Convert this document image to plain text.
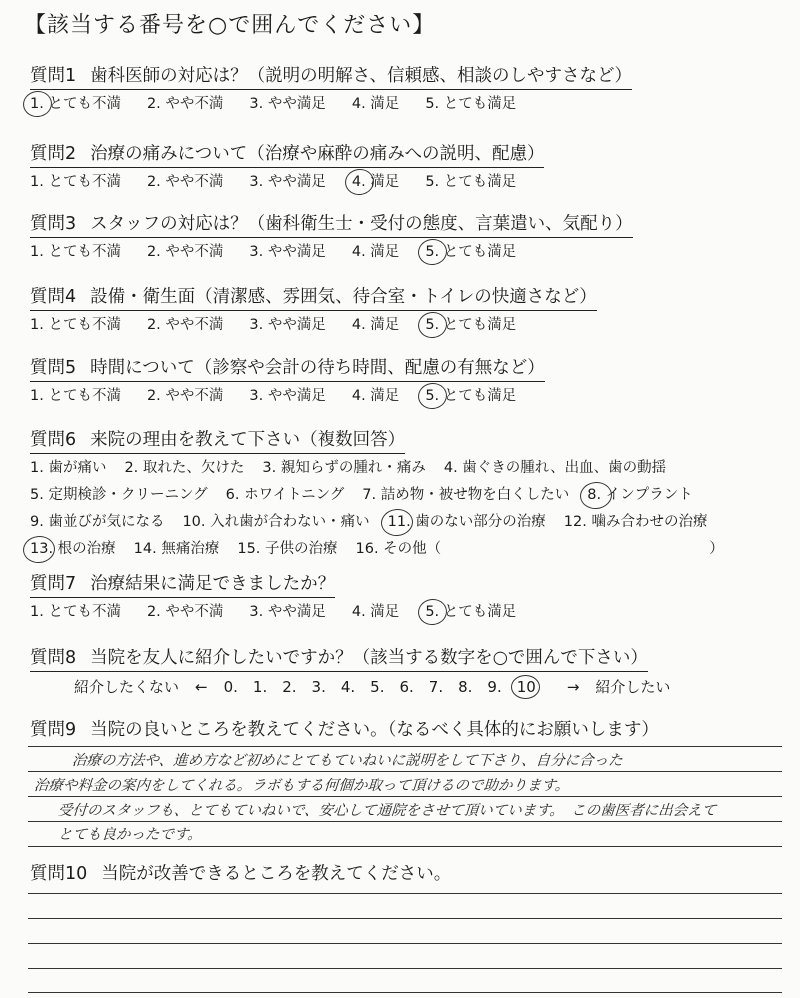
【該当する番号を○で囲んでください】
質問1 歯科医師の対応は？（説明の明解さ、信頼感、相談のしやすさなど）
1. とても不満 2. やや不満 3. やや満足 4. 満足 5. とても満足
質問2 治療の痛みについて（治療や麻酔の痛みへの説明、配慮）
1. とても不満 2. やや不満 3. やや満足 4. 満足 5. とても満足
質問3 スタッフの対応は？（歯科衛生士・受付の態度、言葉遣い、気配り）
1. とても不満 2. やや不満 3. やや満足 4. 満足 5. とても満足
質問4 設備・衛生面（清潔感、雰囲気、待合室・トイレの快適さなど）
1. とても不満 2. やや不満 3. やや満足 4. 満足 5. とても満足
質問5 時間について（診察や会計の待ち時間、配慮の有無など）
1. とても不満 2. やや不満 3. やや満足 4. 満足 5. とても満足
質問6 来院の理由を教えて下さい（複数回答）
1. 歯が痛い 2. 取れた、欠けた 3. 親知らずの腫れ・痛み 4. 歯ぐきの腫れ、出血、歯の動揺
5. 定期検診・クリーニング 6. ホワイトニング 7. 詰め物・被せ物を白くしたい 8. インプラント
9. 歯並びが気になる 10. 入れ歯が合わない・痛い 11. 歯のない部分の治療 12. 噛み合わせの治療
13. 根の治療 14. 無痛治療 15. 子供の治療 16. その他（	）
質問7 治療結果に満足できましたか？
1. とても不満 2. やや不満 3. やや満足 4. 満足 5. とても満足
質問8 当院を友人に紹介したいですか？（該当する数字を○で囲んで下さい）
紹介したくない ← 0. 1. 2. 3. 4. 5. 6. 7. 8. 9. 10 → 紹介したい
質問9 当院の良いところを教えてください。（なるべく具体的にお願いします）
治療の方法や、進め方など初めにとてもていねいに説明をして下さり、自分に合った
治療や料金の案内をしてくれる。ラボもする何個か取って頂けるので助かります。
受付のスタッフも、とてもていねいで、安心して通院をさせて頂いています。　この歯医者に出会えて
とても良かったです。
質問10 当院が改善できるところを教えてください。
